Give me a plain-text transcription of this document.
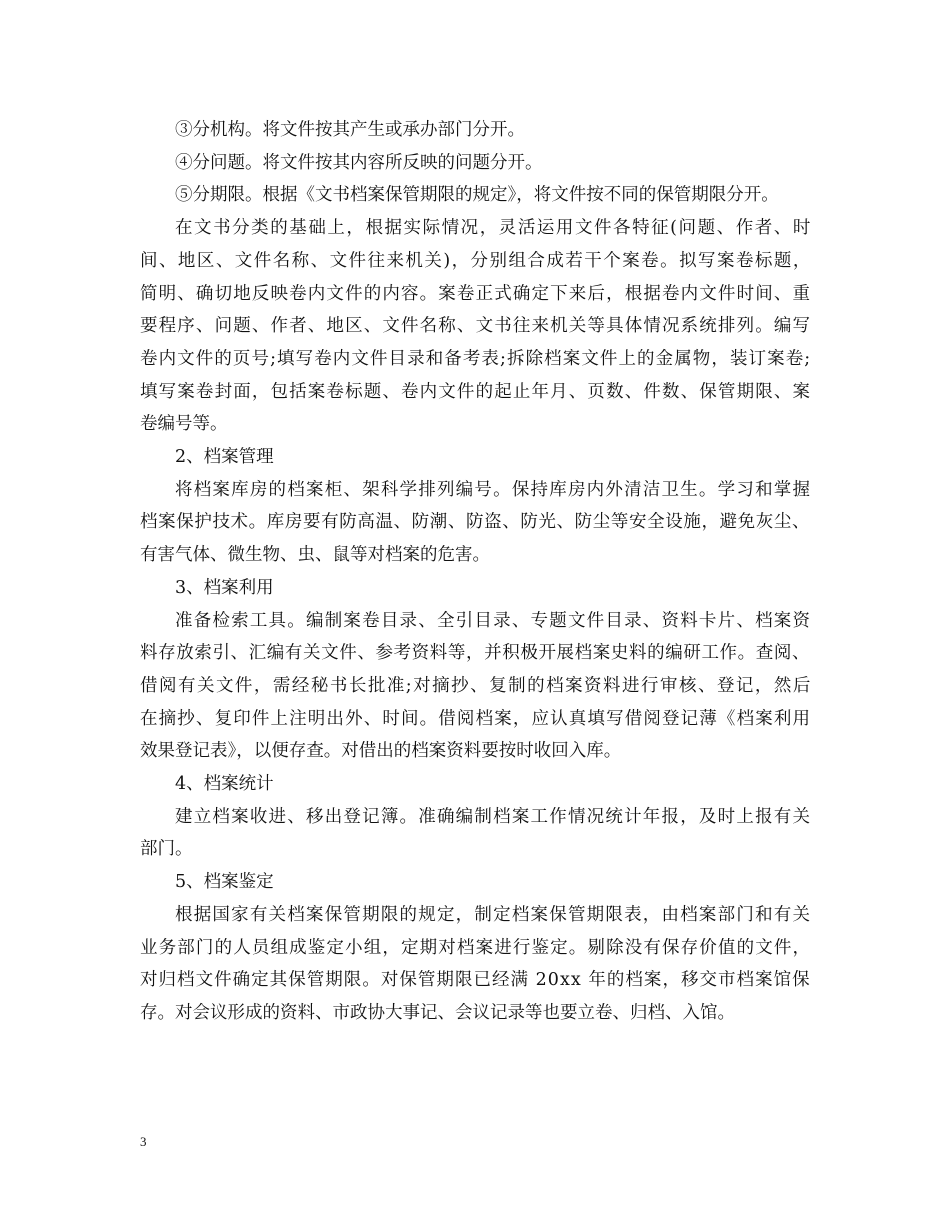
③分机构。将文件按其产生或承办部门分开。
④分问题。将文件按其内容所反映的问题分开。
⑤分期限。根据《文书档案保管期限的规定》，将文件按不同的保管期限分开。
在文书分类的基础上，根据实际情况，灵活运用文件各特征(问题、作者、时
间、地区、文件名称、文件往来机关)，分别组合成若干个案卷。拟写案卷标题，
简明、确切地反映卷内文件的内容。案卷正式确定下来后，根据卷内文件时间、重
要程序、问题、作者、地区、文件名称、文书往来机关等具体情况系统排列。编写
卷内文件的页号;填写卷内文件目录和备考表;拆除档案文件上的金属物，装订案卷;
填写案卷封面，包括案卷标题、卷内文件的起止年月、页数、件数、保管期限、案
卷编号等。
2、档案管理
将档案库房的档案柜、架科学排列编号。保持库房内外清洁卫生。学习和掌握
档案保护技术。库房要有防高温、防潮、防盗、防光、防尘等安全设施，避免灰尘、
有害气体、微生物、虫、鼠等对档案的危害。
3、档案利用
准备检索工具。编制案卷目录、全引目录、专题文件目录、资料卡片、档案资
料存放索引、汇编有关文件、参考资料等，并积极开展档案史料的编研工作。查阅、
借阅有关文件，需经秘书长批准;对摘抄、复制的档案资料进行审核、登记，然后
在摘抄、复印件上注明出外、时间。借阅档案，应认真填写借阅登记薄《档案利用
效果登记表》，以便存查。对借出的档案资料要按时收回入库。
4、档案统计
建立档案收进、移出登记簿。准确编制档案工作情况统计年报，及时上报有关
部门。
5、档案鉴定
根据国家有关档案保管期限的规定，制定档案保管期限表，由档案部门和有关
业务部门的人员组成鉴定小组，定期对档案进行鉴定。剔除没有保存价值的文件，
对归档文件确定其保管期限。对保管期限已经满 20xx 年的档案，移交市档案馆保
存。对会议形成的资料、市政协大事记、会议记录等也要立卷、归档、入馆。
3
